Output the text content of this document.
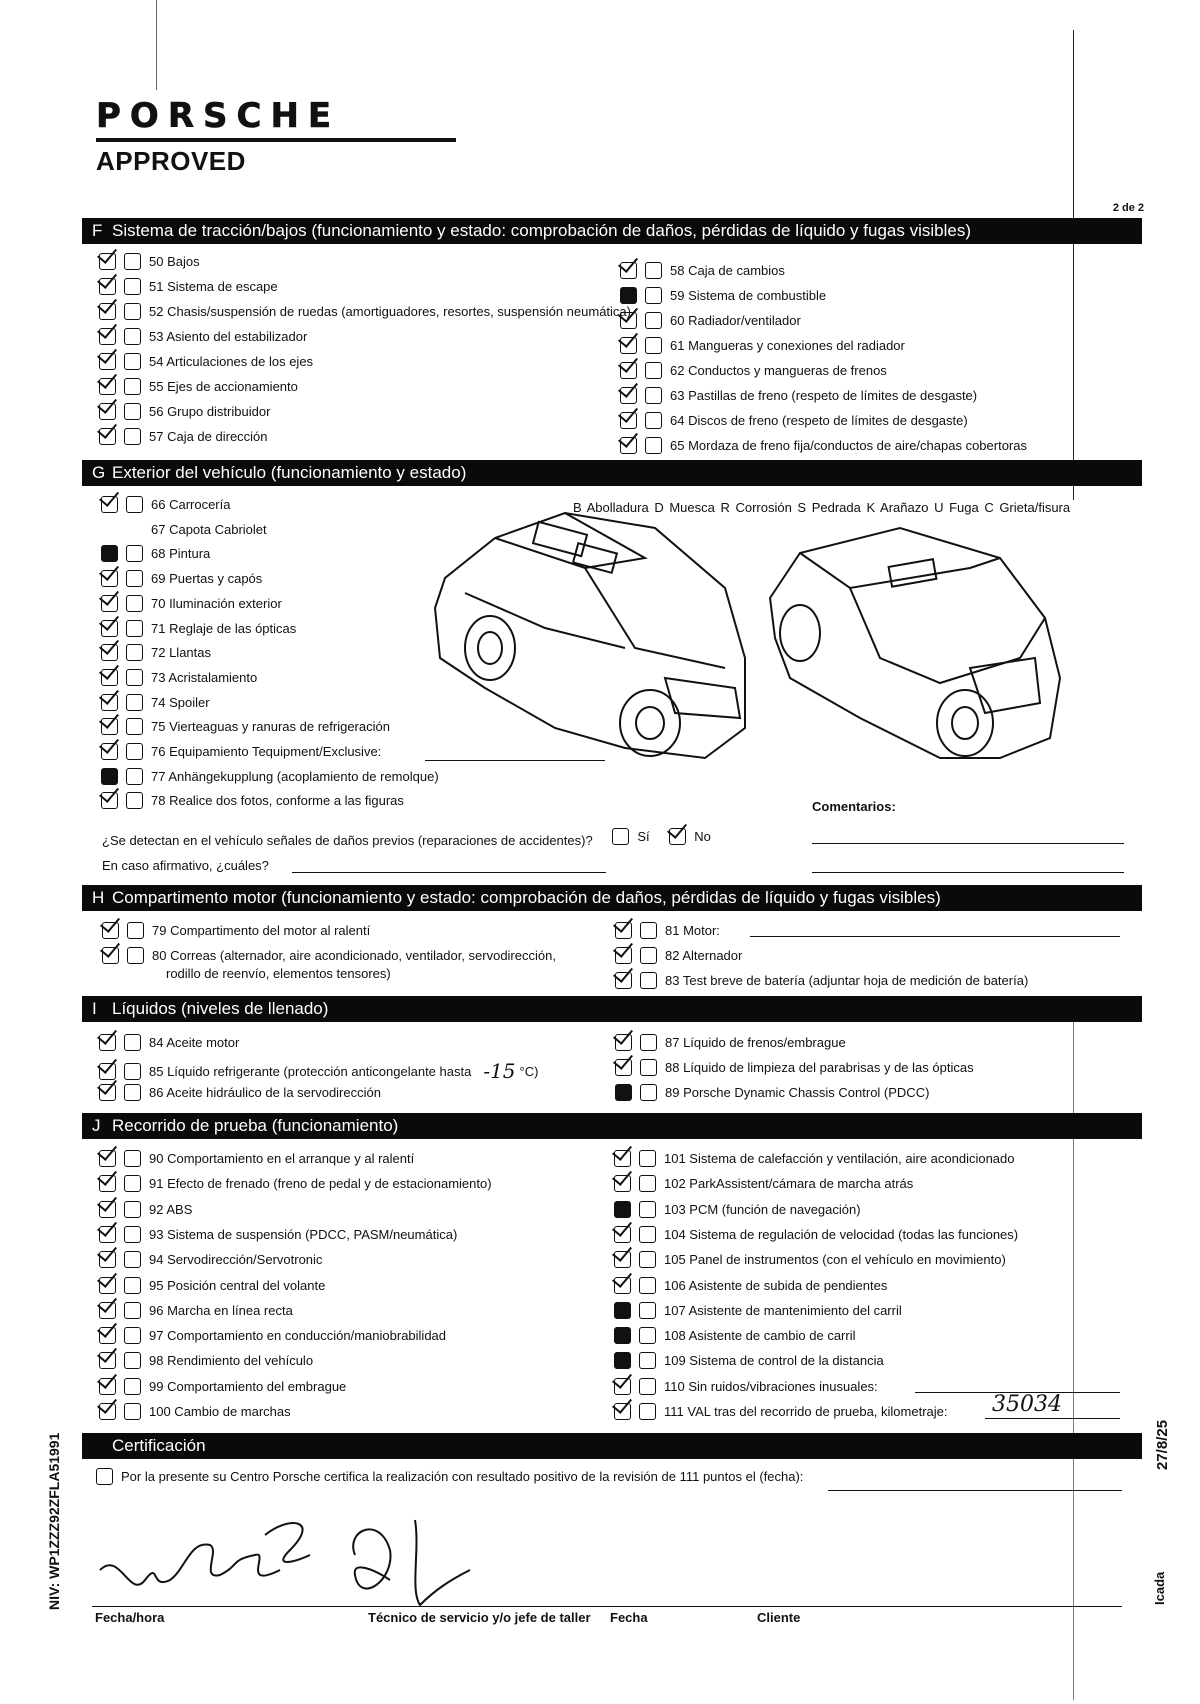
PORSCHE
APPROVED
2 de 2
F Sistema de tracción/bajos (funcionamiento y estado: comprobación de daños, pérdidas de líquido y fugas visibles)
50 Bajos
51 Sistema de escape
52 Chasis/suspensión de ruedas (amortiguadores, resortes, suspensión neumática)
53 Asiento del estabilizador
54 Articulaciones de los ejes
55 Ejes de accionamiento
56 Grupo distribuidor
57 Caja de dirección
58 Caja de cambios
59 Sistema de combustible
60 Radiador/ventilador
61 Mangueras y conexiones del radiador
62 Conductos y mangueras de frenos
63 Pastillas de freno (respeto de límites de desgaste)
64 Discos de freno (respeto de límites de desgaste)
65 Mordaza de freno fija/conductos de aire/chapas cobertoras
G Exterior del vehículo (funcionamiento y estado)
B Abolladura D Muesca R Corrosión S Pedrada K Arañazo U Fuga C Grieta/fisura
66 Carrocería
67 Capota Cabriolet
68 Pintura
69 Puertas y capós
70 Iluminación exterior
71 Reglaje de las ópticas
72 Llantas
73 Acristalamiento
74 Spoiler
75 Vierteaguas y ranuras de refrigeración
76 Equipamiento Tequipment/Exclusive:
77 Anhängekupplung (acoplamiento de remolque)
78 Realice dos fotos, conforme a las figuras	Comentarios:
¿Se detectan en el vehículo señales de daños previos (reparaciones de accidentes)?	Sí
	No
En caso afirmativo, ¿cuáles?
H Compartimento motor (funcionamiento y estado: comprobación de daños, pérdidas de líquido y fugas visibles)
79 Compartimento del motor al ralentí
80 Correas (alternador, aire acondicionado, ventilador, servodirección,
rodillo de reenvío, elementos tensores)
81 Motor:
82 Alternador
83 Test breve de batería (adjuntar hoja de medición de batería)
I Líquidos (niveles de llenado)
84 Aceite motor
85 Líquido refrigerante (protección anticongelante hasta -15 °C)
86 Aceite hidráulico de la servodirección
87 Líquido de frenos/embrague
88 Líquido de limpieza del parabrisas y de las ópticas
89 Porsche Dynamic Chassis Control (PDCC)
J Recorrido de prueba (funcionamiento)
90 Comportamiento en el arranque y al ralentí
91 Efecto de frenado (freno de pedal y de estacionamiento)
92 ABS
93 Sistema de suspensión (PDCC, PASM/neumática)
94 Servodirección/Servotronic
95 Posición central del volante
96 Marcha en línea recta
97 Comportamiento en conducción/maniobrabilidad
98 Rendimiento del vehículo
99 Comportamiento del embrague
100 Cambio de marchas
101 Sistema de calefacción y ventilación, aire acondicionado
102 ParkAssistent/cámara de marcha atrás
103 PCM (función de navegación)
104 Sistema de regulación de velocidad (todas las funciones)
105 Panel de instrumentos (con el vehículo en movimiento)
106 Asistente de subida de pendientes
107 Asistente de mantenimiento del carril
108 Asistente de cambio de carril
109 Sistema de control de la distancia
110 Sin ruidos/vibraciones inusuales:
111 VAL tras del recorrido de prueba, kilometraje: 35034
Certificación
Por la presente su Centro Porsche certifica la realización con resultado positivo de la revisión de 111 puntos el (fecha):
Fecha/hora	Técnico de servicio y/o jefe de taller Fecha	Cliente
NIV: WP1ZZZ92ZFLA51991	27/8/25
Icada
